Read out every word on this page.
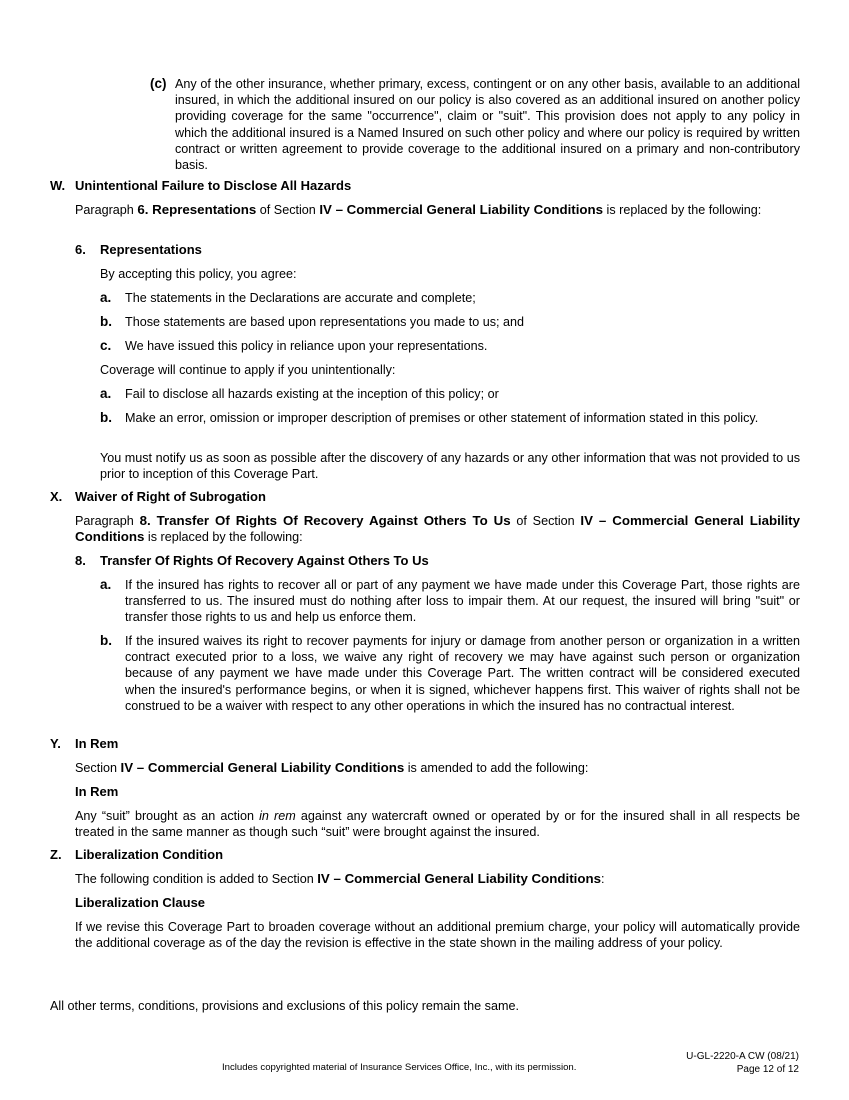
(c) Any of the other insurance, whether primary, excess, contingent or on any other basis, available to an additional insured, in which the additional insured on our policy is also covered as an additional insured on another policy providing coverage for the same "occurrence", claim or "suit". This provision does not apply to any policy in which the additional insured is a Named Insured on such other policy and where our policy is required by written contract or written agreement to provide coverage to the additional insured on a primary and non-contributory basis.
W. Unintentional Failure to Disclose All Hazards
Paragraph 6. Representations of Section IV – Commercial General Liability Conditions is replaced by the following:
6. Representations
By accepting this policy, you agree:
a. The statements in the Declarations are accurate and complete;
b. Those statements are based upon representations you made to us; and
c. We have issued this policy in reliance upon your representations.
Coverage will continue to apply if you unintentionally:
a. Fail to disclose all hazards existing at the inception of this policy; or
b. Make an error, omission or improper description of premises or other statement of information stated in this policy.
You must notify us as soon as possible after the discovery of any hazards or any other information that was not provided to us prior to inception of this Coverage Part.
X. Waiver of Right of Subrogation
Paragraph 8. Transfer Of Rights Of Recovery Against Others To Us of Section IV – Commercial General Liability Conditions is replaced by the following:
8. Transfer Of Rights Of Recovery Against Others To Us
a. If the insured has rights to recover all or part of any payment we have made under this Coverage Part, those rights are transferred to us. The insured must do nothing after loss to impair them. At our request, the insured will bring "suit" or transfer those rights to us and help us enforce them.
b. If the insured waives its right to recover payments for injury or damage from another person or organization in a written contract executed prior to a loss, we waive any right of recovery we may have against such person or organization because of any payment we have made under this Coverage Part. The written contract will be considered executed when the insured's performance begins, or when it is signed, whichever happens first. This waiver of rights shall not be construed to be a waiver with respect to any other operations in which the insured has no contractual interest.
Y. In Rem
Section IV – Commercial General Liability Conditions is amended to add the following:
In Rem
Any “suit” brought as an action in rem against any watercraft owned or operated by or for the insured shall in all respects be treated in the same manner as though such “suit” were brought against the insured.
Z. Liberalization Condition
The following condition is added to Section IV – Commercial General Liability Conditions:
Liberalization Clause
If we revise this Coverage Part to broaden coverage without an additional premium charge, your policy will automatically provide the additional coverage as of the day the revision is effective in the state shown in the mailing address of your policy.
All other terms, conditions, provisions and exclusions of this policy remain the same.
Includes copyrighted material of Insurance Services Office, Inc., with its permission.
U-GL-2220-A CW (08/21)
Page 12 of 12
